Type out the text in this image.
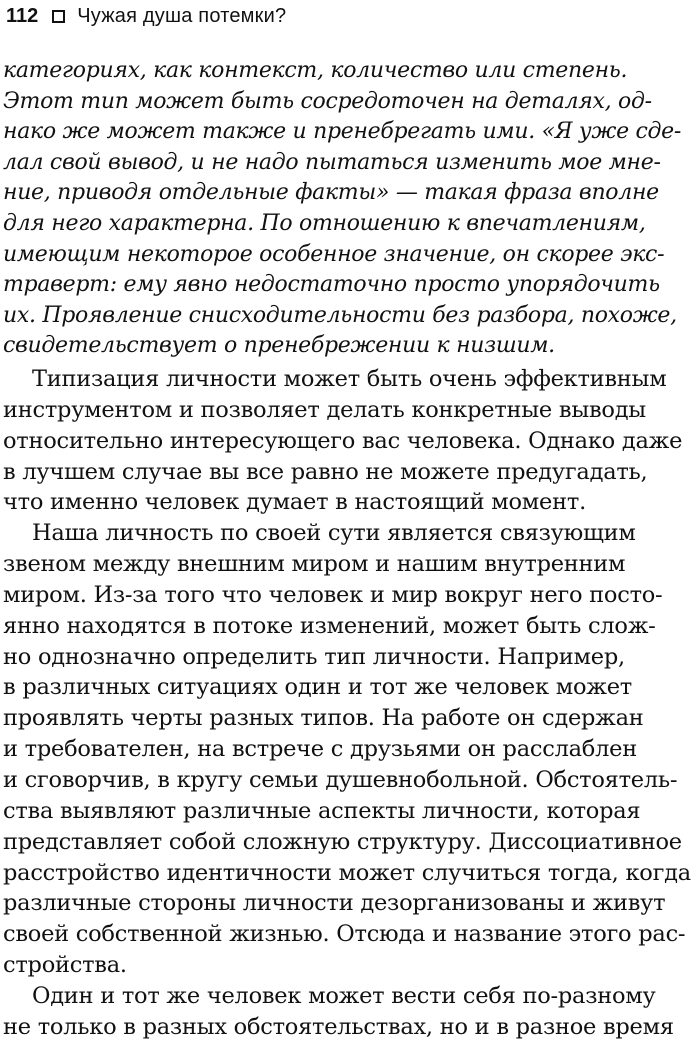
112 Чужая душа потемки?
категориях, как контекст, количество или степень.
Этот тип может быть сосредоточен на деталях, од-
нако же может также и пренебрегать ими. «Я уже сде-
лал свой вывод, и не надо пытаться изменить мое мне-
ние, приводя отдельные факты» — такая фраза вполне
для него характерна. По отношению к впечатлениям,
имеющим некоторое особенное значение, он скорее экс-
траверт: ему явно недостаточно просто упорядочить
их. Проявление снисходительности без разбора, похоже,
свидетельствует о пренебрежении к низшим.
Типизация личности может быть очень эффективным
инструментом и позволяет делать конкретные выводы
относительно интересующего вас человека. Однако даже
в лучшем случае вы все равно не можете предугадать,
что именно человек думает в настоящий момент.
Наша личность по своей сути является связующим
звеном между внешним миром и нашим внутренним
миром. Из-за того что человек и мир вокруг него посто-
янно находятся в потоке изменений, может быть слож-
но однозначно определить тип личности. Например,
в различных ситуациях один и тот же человек может
проявлять черты разных типов. На работе он сдержан
и требователен, на встрече с друзьями он расслаблен
и сговорчив, в кругу семьи душевнобольной. Обстоятель-
ства выявляют различные аспекты личности, которая
представляет собой сложную структуру. Диссоциативное
расстройство идентичности может случиться тогда, когда
различные стороны личности дезорганизованы и живут
своей собственной жизнью. Отсюда и название этого рас-
стройства.
Один и тот же человек может вести себя по-разному
не только в разных обстоятельствах, но и в разное время
